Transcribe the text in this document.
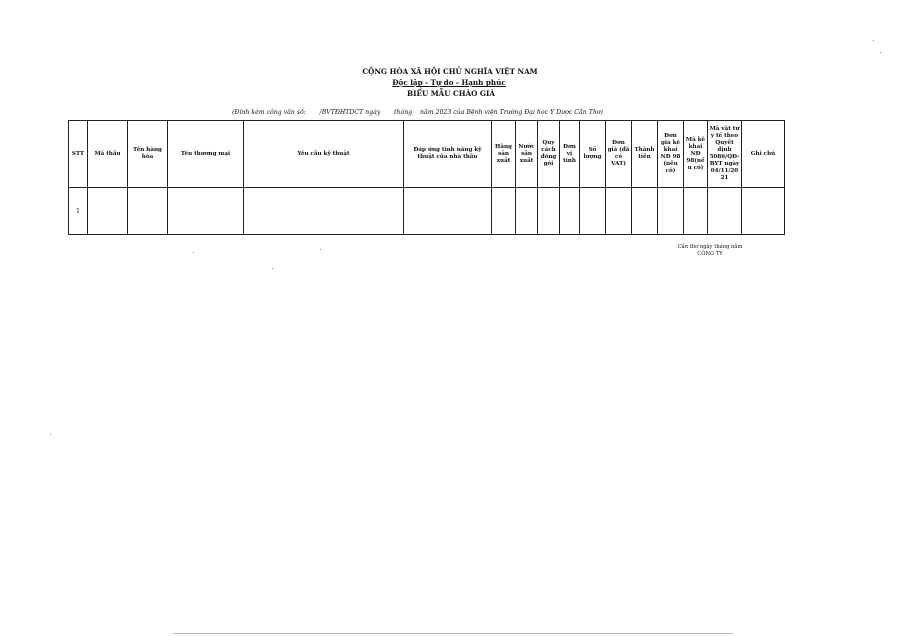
CỘNG HÒA XÃ HỘI CHỦ NGHĨA VIỆT NAM
Độc lập - Tự do - Hạnh phúc
BIỂU MẪU CHÀO GIÁ
(Đính kèm công văn số:       /BVTĐHTDCT ngày       tháng    năm 2023 của Bệnh viện Trường Đại học Y Dược Cần Thơ)
STT	Mã thầu	Tên hàng hóa	Tên thương mại	Yêu cầu kỹ thuật	Đáp ứng tính năng kỹ thuật của nhà thầu	Hãng sản xuất	Nước sản xuất	Quy cách đóng gói	Đơn vị tính	Số lượng	Đơn giá (đã có VAT)	Thành tiền	Đơn giá kê khai NĐ 98 (nếu có)	Mã kê khai NĐ 98(nếu có)	Mã vật tư y tế theo Quyết định 5086/QĐ-BYT ngày 04/11/2021	Ghi chú
1																
Cần thơ ngày tháng năm
CÔNG TY
